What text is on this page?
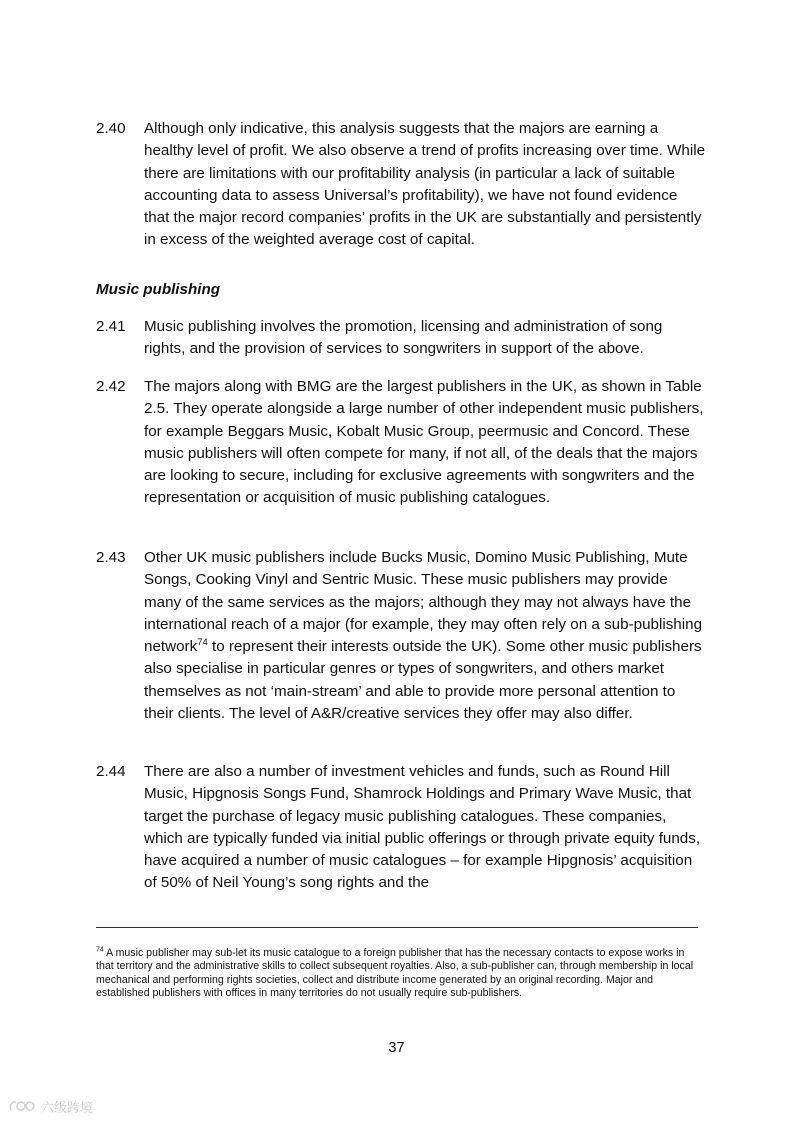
2.40	Although only indicative, this analysis suggests that the majors are earning a healthy level of profit. We also observe a trend of profits increasing over time. While there are limitations with our profitability analysis (in particular a lack of suitable accounting data to assess Universal’s profitability), we have not found evidence that the major record companies’ profits in the UK are substantially and persistently in excess of the weighted average cost of capital.
Music publishing
2.41	Music publishing involves the promotion, licensing and administration of song rights, and the provision of services to songwriters in support of the above.
2.42	The majors along with BMG are the largest publishers in the UK, as shown in Table 2.5. They operate alongside a large number of other independent music publishers, for example Beggars Music, Kobalt Music Group, peermusic and Concord. These music publishers will often compete for many, if not all, of the deals that the majors are looking to secure, including for exclusive agreements with songwriters and the representation or acquisition of music publishing catalogues.
2.43	Other UK music publishers include Bucks Music, Domino Music Publishing, Mute Songs, Cooking Vinyl and Sentric Music. These music publishers may provide many of the same services as the majors; although they may not always have the international reach of a major (for example, they may often rely on a sub-publishing network$^{74}$ to represent their interests outside the UK). Some other music publishers also specialise in particular genres or types of songwriters, and others market themselves as not ‘main-stream’ and able to provide more personal attention to their clients. The level of A&R/creative services they offer may also differ.
2.44	There are also a number of investment vehicles and funds, such as Round Hill Music, Hipgnosis Songs Fund, Shamrock Holdings and Primary Wave Music, that target the purchase of legacy music publishing catalogues. These companies, which are typically funded via initial public offerings or through private equity funds, have acquired a number of music catalogues – for example Hipgnosis’ acquisition of 50% of Neil Young’s song rights and the
$^{74}$ A music publisher may sub-let its music catalogue to a foreign publisher that has the necessary contacts to expose works in that territory and the administrative skills to collect subsequent royalties. Also, a sub-publisher can, through membership in local mechanical and performing rights societies, collect and distribute income generated by an original recording. Major and established publishers with offices in many territories do not usually require sub-publishers.
37
六级跨境
